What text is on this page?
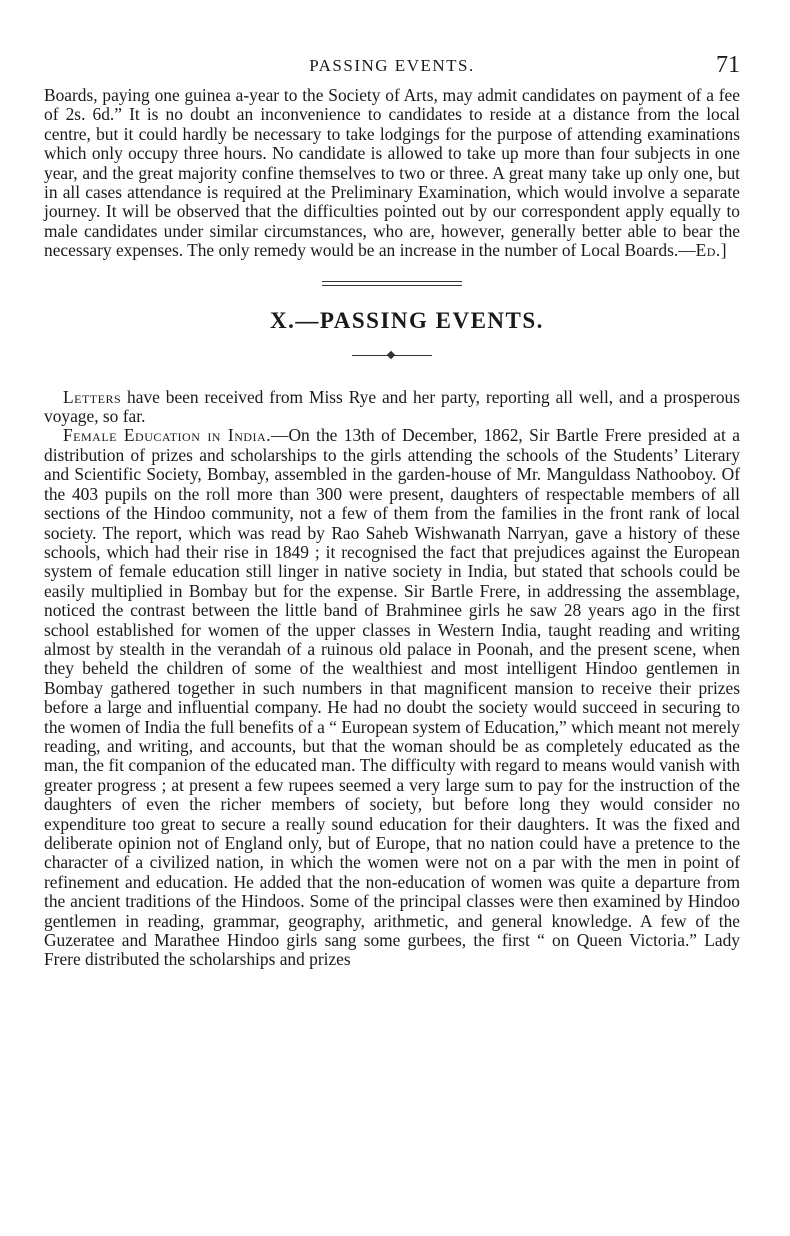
PASSING EVENTS.	71

Boards, paying one guinea a-year to the Society of Arts, may admit candidates on payment of a fee of 2s. 6d.” It is no doubt an inconvenience to candidates to reside at a distance from the local centre, but it could hardly be necessary to take lodgings for the purpose of attending examinations which only occupy three hours. No candidate is allowed to take up more than four subjects in one year, and the great majority confine themselves to two or three. A great many take up only one, but in all cases attendance is required at the Preliminary Examination, which would involve a separate journey. It will be observed that the difficulties pointed out by our correspondent apply equally to male candidates under similar circumstances, who are, however, generally better able to bear the necessary expenses. The only remedy would be an increase in the number of Local Boards.—Ed.]

X.—PASSING EVENTS.

Letters have been received from Miss Rye and her party, reporting all well, and a prosperous voyage, so far.

Female Education in India.—On the 13th of December, 1862, Sir Bartle Frere presided at a distribution of prizes and scholarships to the girls attending the schools of the Students’ Literary and Scientific Society, Bombay, assembled in the garden-house of Mr. Manguldass Nathooboy. Of the 403 pupils on the roll more than 300 were present, daughters of respectable members of all sections of the Hindoo community, not a few of them from the families in the front rank of local society. The report, which was read by Rao Saheb Wishwanath Narryan, gave a history of these schools, which had their rise in 1849 ; it recognised the fact that prejudices against the European system of female education still linger in native society in India, but stated that schools could be easily multiplied in Bombay but for the expense. Sir Bartle Frere, in addressing the assemblage, noticed the contrast between the little band of Brahminee girls he saw 28 years ago in the first school established for women of the upper classes in Western India, taught reading and writing almost by stealth in the verandah of a ruinous old palace in Poonah, and the present scene, when they beheld the children of some of the wealthiest and most intelligent Hindoo gentlemen in Bombay gathered together in such numbers in that magnificent mansion to receive their prizes before a large and influential company. He had no doubt the society would succeed in securing to the women of India the full benefits of a “ European system of Education,” which meant not merely reading, and writing, and accounts, but that the woman should be as completely educated as the man, the fit companion of the educated man. The difficulty with regard to means would vanish with greater progress ; at present a few rupees seemed a very large sum to pay for the instruction of the daughters of even the richer members of society, but before long they would consider no expenditure too great to secure a really sound education for their daughters. It was the fixed and deliberate opinion not of England only, but of Europe, that no nation could have a pretence to the character of a civilized nation, in which the women were not on a par with the men in point of refinement and education. He added that the non-education of women was quite a departure from the ancient traditions of the Hindoos. Some of the principal classes were then examined by Hindoo gentlemen in reading, grammar, geography, arithmetic, and general knowledge. A few of the Guzeratee and Marathee Hindoo girls sang some gurbees, the first “ on Queen Victoria.” Lady Frere distributed the scholarships and prizes
